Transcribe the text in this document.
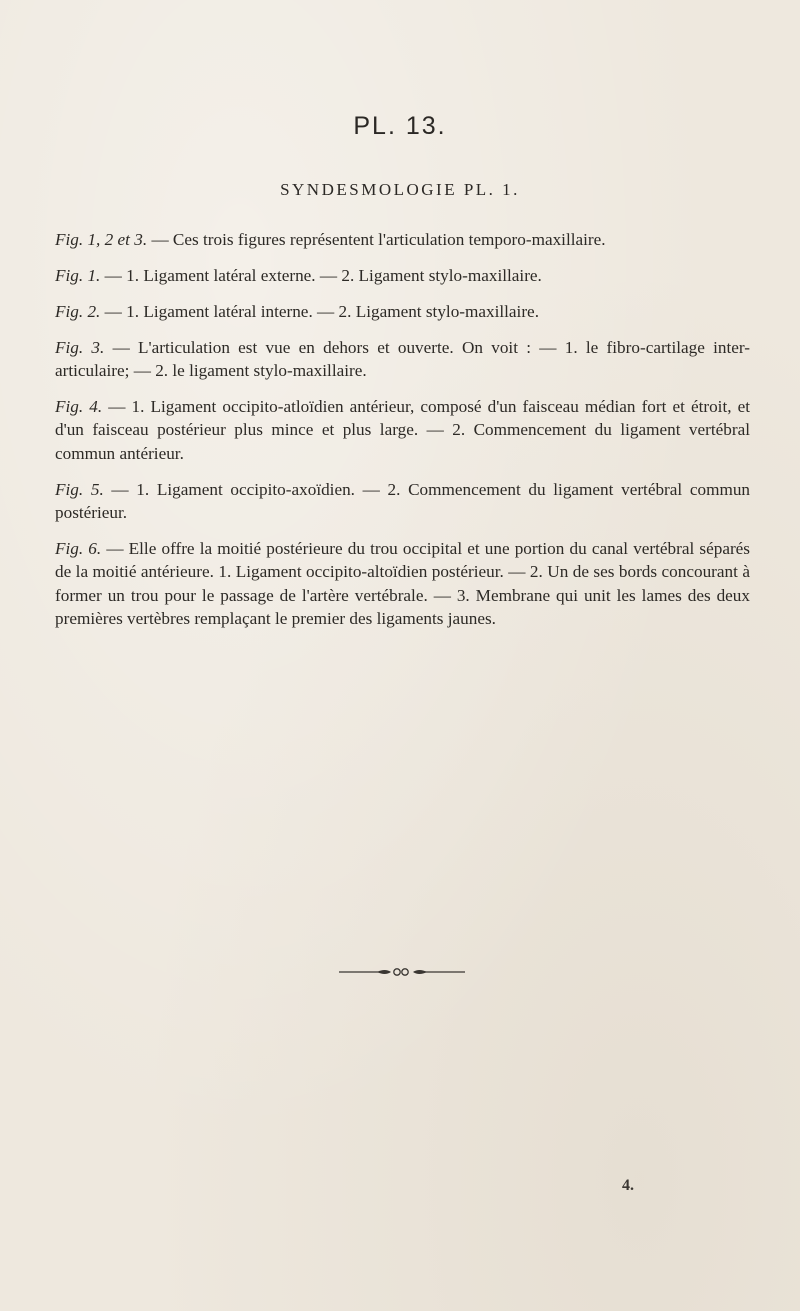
PL. 13.
SYNDESMOLOGIE PL. 1.

Fig. 1, 2 et 3. — Ces trois figures représentent l'articulation temporo-maxillaire.

Fig. 1. — 1. Ligament latéral externe. — 2. Ligament stylo-maxillaire.

Fig. 2. — 1. Ligament latéral interne. — 2. Ligament stylo-maxillaire.

Fig. 3. — L'articulation est vue en dehors et ouverte. On voit : — 1. le fibro-cartilage inter-articulaire; — 2. le ligament stylo-maxillaire.

Fig. 4. — 1. Ligament occipito-atloïdien antérieur, composé d'un faisceau médian fort et étroit, et d'un faisceau postérieur plus mince et plus large. — 2. Commencement du ligament vertébral commun antérieur.

Fig. 5. — 1. Ligament occipito-axoïdien. — 2. Commencement du ligament vertébral commun postérieur.

Fig. 6. — Elle offre la moitié postérieure du trou occipital et une portion du canal vertébral séparés de la moitié antérieure. 1. Ligament occipito-altoïdien postérieur. — 2. Un de ses bords concourant à former un trou pour le passage de l'artère vertébrale. — 3. Membrane qui unit les lames des deux premières vertèbres remplaçant le premier des ligaments jaunes.

4.
